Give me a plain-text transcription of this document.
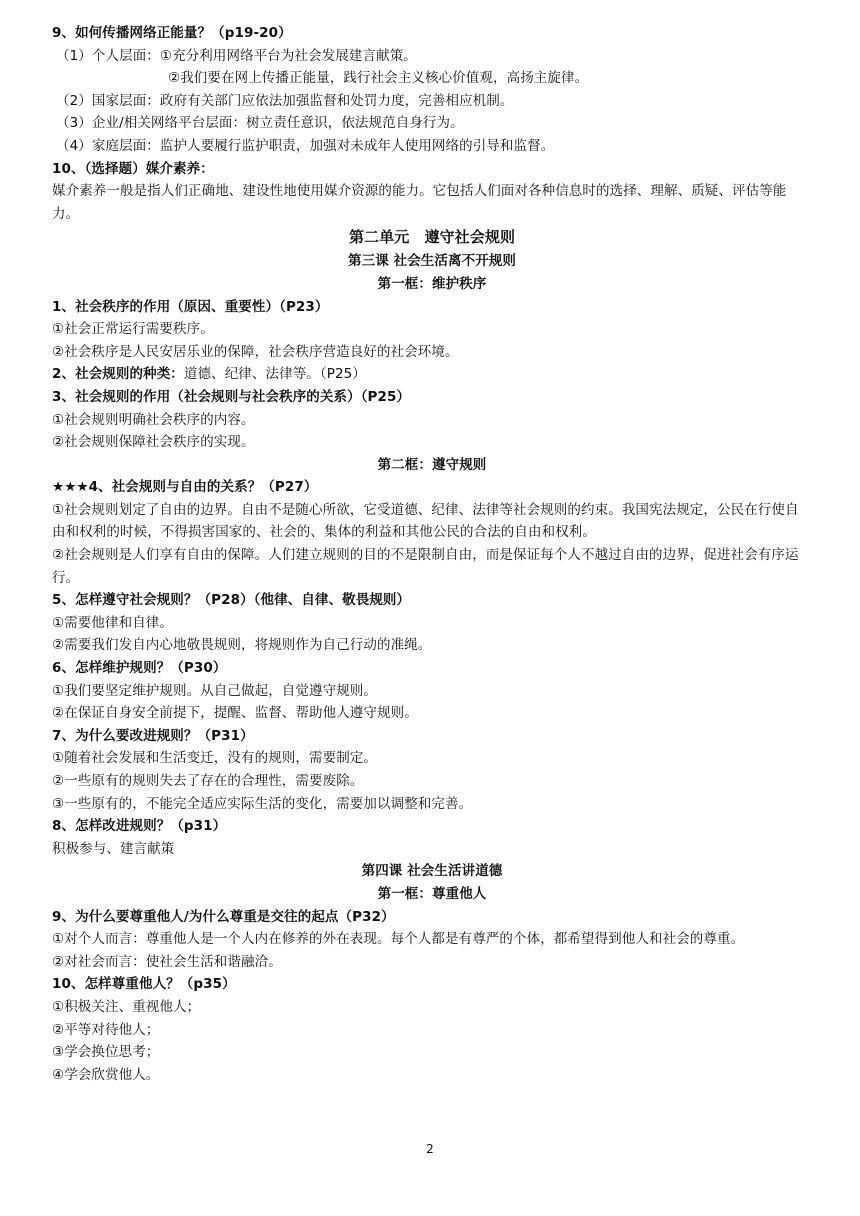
9、如何传播网络正能量？（p19-20）
（1）个人层面：①充分利用网络平台为社会发展建言献策。
②我们要在网上传播正能量，践行社会主义核心价值观，高扬主旋律。
（2）国家层面：政府有关部门应依法加强监督和处罚力度，完善相应机制。
（3）企业/相关网络平台层面：树立责任意识，依法规范自身行为。
（4）家庭层面：监护人要履行监护职责，加强对未成年人使用网络的引导和监督。
10、（选择题）媒介素养：
媒介素养一般是指人们正确地、建设性地使用媒介资源的能力。它包括人们面对各种信息时的选择、理解、质疑、评估等能力。
第二单元　遵守社会规则
第三课 社会生活离不开规则
第一框：维护秩序
1、社会秩序的作用（原因、重要性）（P23）
①社会正常运行需要秩序。
②社会秩序是人民安居乐业的保障，社会秩序营造良好的社会环境。
2、社会规则的种类：道德、纪律、法律等。（P25）
3、社会规则的作用（社会规则与社会秩序的关系）（P25）
①社会规则明确社会秩序的内容。
②社会规则保障社会秩序的实现。
第二框：遵守规则
★★★4、社会规则与自由的关系？（P27）
①社会规则划定了自由的边界。自由不是随心所欲，它受道德、纪律、法律等社会规则的约束。我国宪法规定，公民在行使自由和权利的时候，不得损害国家的、社会的、集体的利益和其他公民的合法的自由和权利。
②社会规则是人们享有自由的保障。人们建立规则的目的不是限制自由，而是保证每个人不越过自由的边界，促进社会有序运行。
5、怎样遵守社会规则？（P28）（他律、自律、敬畏规则）
①需要他律和自律。
②需要我们发自内心地敬畏规则，将规则作为自己行动的准绳。
6、怎样维护规则？（P30）
①我们要坚定维护规则。从自己做起，自觉遵守规则。
②在保证自身安全前提下，提醒、监督、帮助他人遵守规则。
7、为什么要改进规则？（P31）
①随着社会发展和生活变迁，没有的规则，需要制定。
②一些原有的规则失去了存在的合理性，需要废除。
③一些原有的，不能完全适应实际生活的变化，需要加以调整和完善。
8、怎样改进规则？（p31）
积极参与、建言献策
第四课 社会生活讲道德
第一框：尊重他人
9、为什么要尊重他人/为什么尊重是交往的起点（P32）
①对个人而言：尊重他人是一个人内在修养的外在表现。每个人都是有尊严的个体，都希望得到他人和社会的尊重。
②对社会而言：使社会生活和谐融洽。
10、怎样尊重他人？（p35）
①积极关注、重视他人；
②平等对待他人；
③学会换位思考；
④学会欣赏他人。
2
